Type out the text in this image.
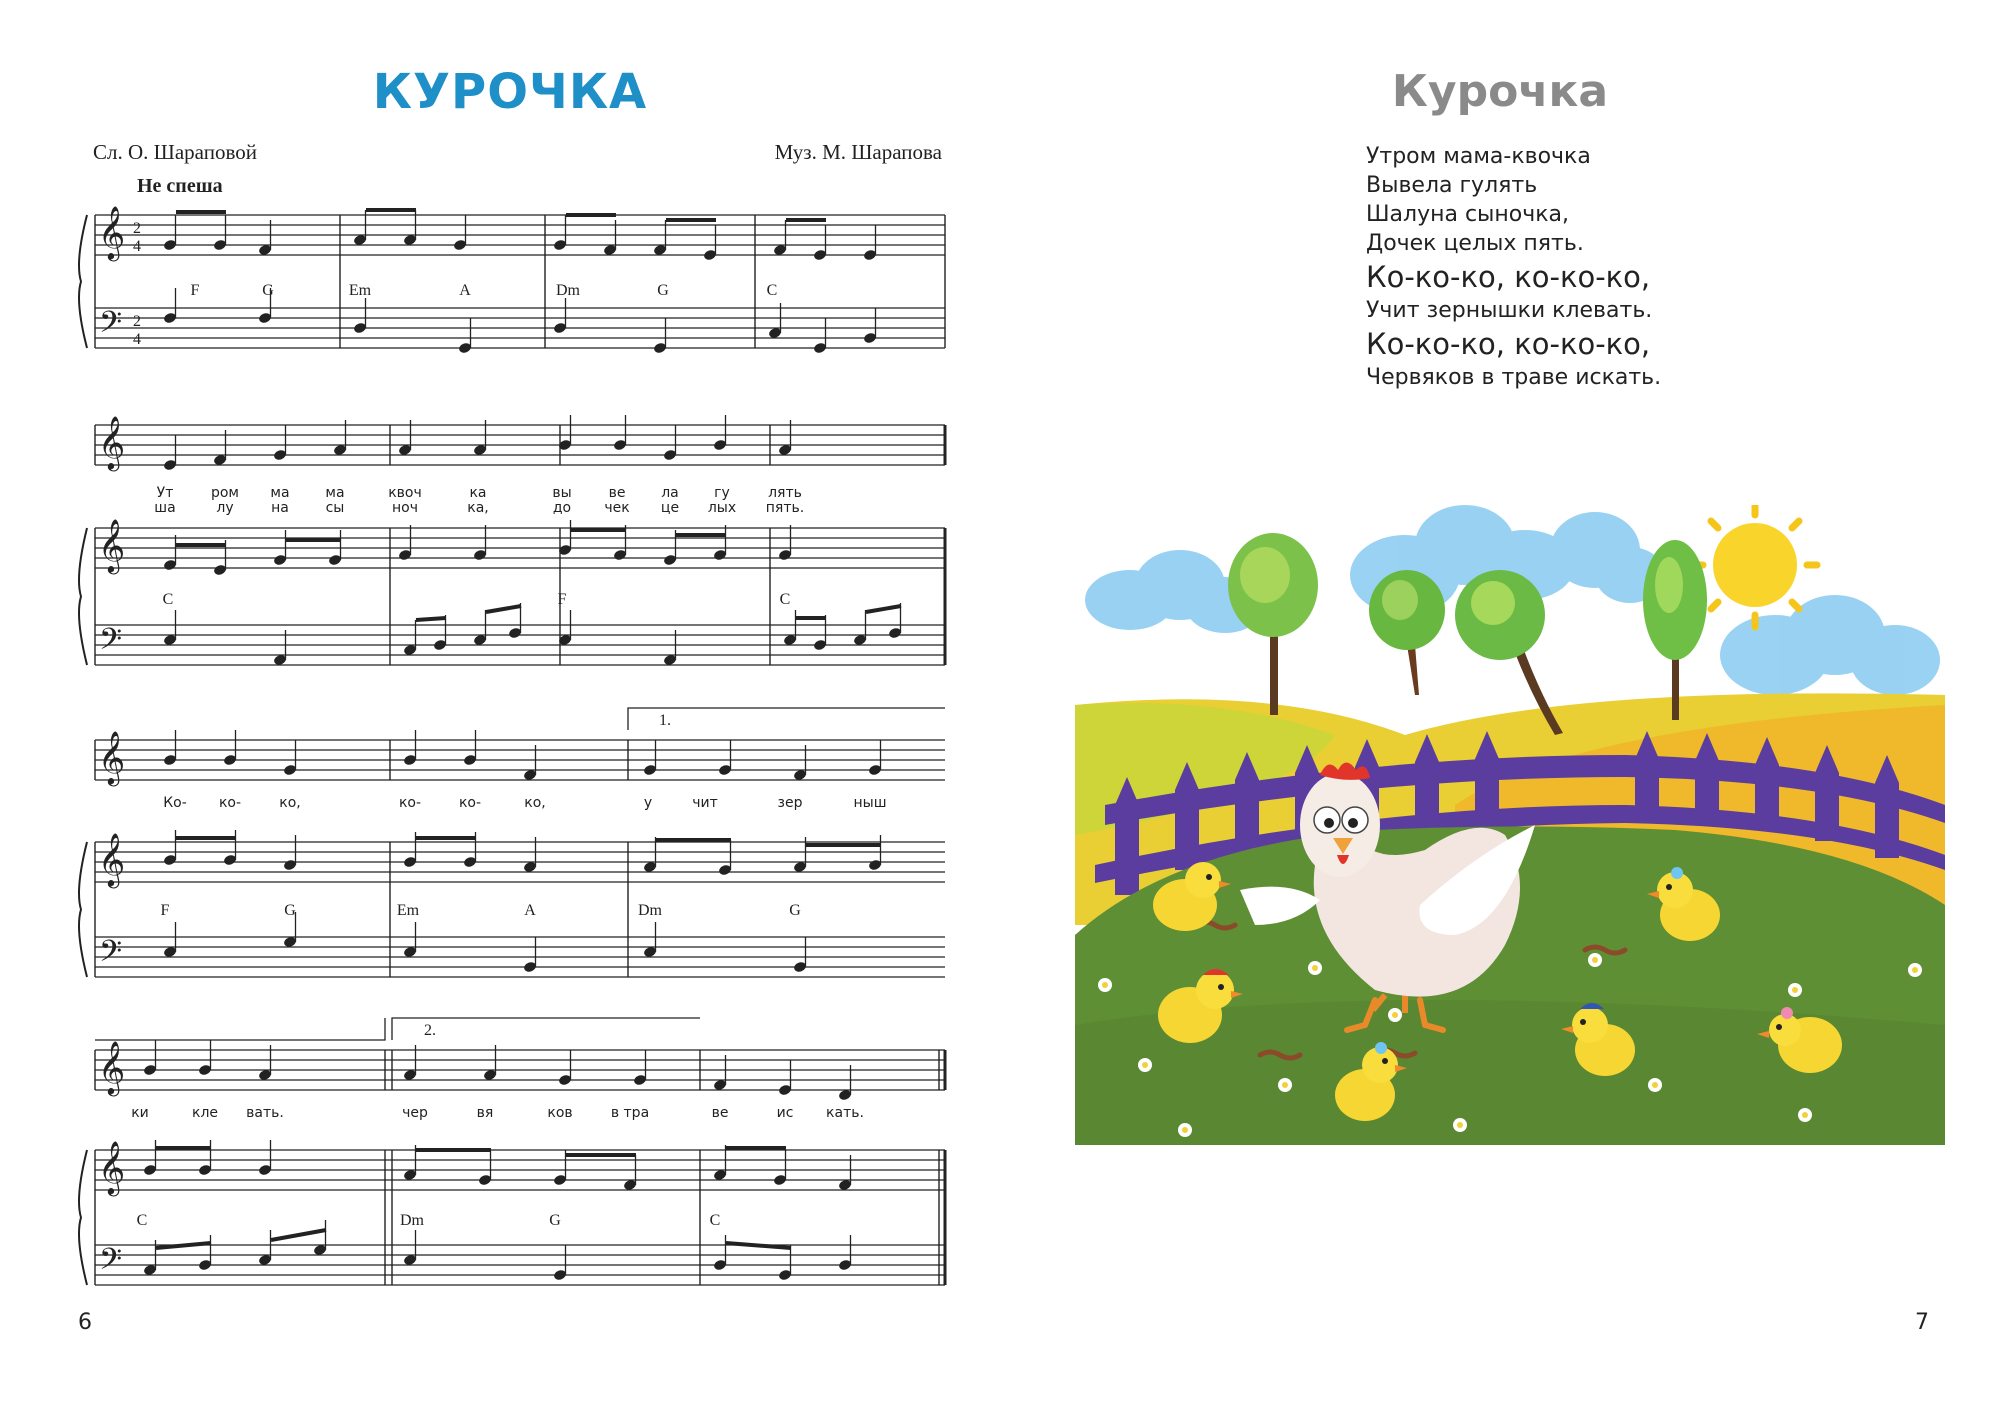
КУРОЧКА
Сл. О. Шараповой	Муз. М. Шарапова
Не спеша
𝄞
𝄢
2
4
2
4
F	G	Em	A	Dm	G	C
𝄞
𝄞
𝄢
Ут	ром ма	ма	квоч	ка	вы	ве	ла	гу	лять
ша	лу	на	сы	ноч	ка,	до чек це лых пять.
C	F	C
𝄞
𝄞
𝄢
1.
Ко- ко-	ко,	ко-	ко-	ко,	у	чит	зер	ныш
F	G	Em	A	Dm	G
𝄞
𝄞
𝄢
2.
ки	кле вать.	чер	вя	ков	в тра	ве	ис кать.
C	Dm	G	C
Курочка
Утром мама-квочка
Вывела гулять
Шалуна сыночка,
Дочек целых пять.
Ко-ко-ко, ко-ко-ко,
Учит зернышки клевать.
Ко-ко-ко, ко-ко-ко,
Червяков в траве искать.
6	7
